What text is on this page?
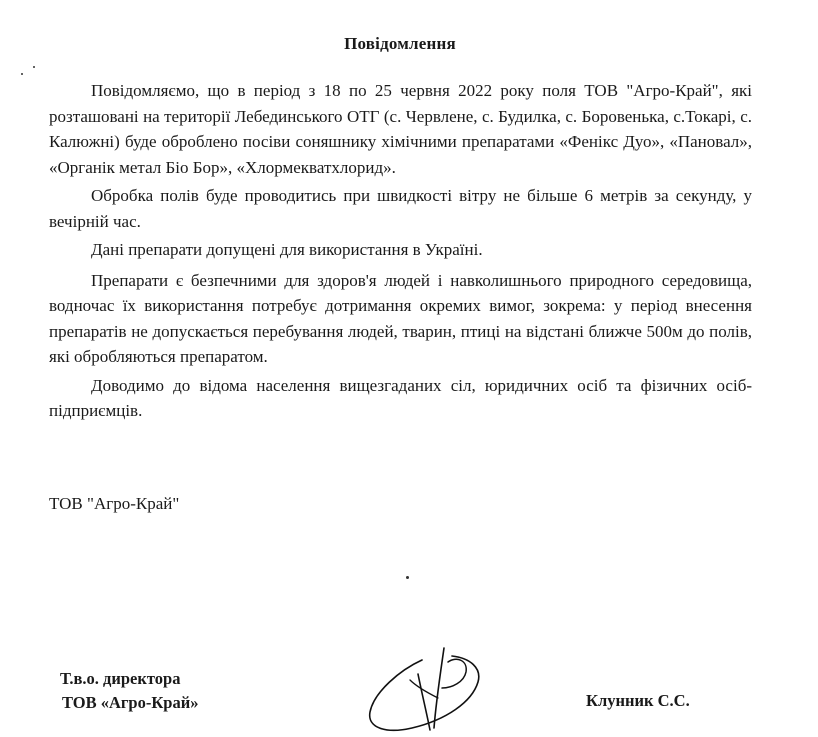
Повідомлення

Повідомляємо, що в період з 18 по 25 червня 2022 року поля ТОВ "Агро-Край", які розташовані на території Лебединського ОТГ (с. Червлене, с. Будилка, с. Боровенька, с.Токарі, с. Калюжні) буде оброблено посіви соняшнику хімічними препаратами «Фенікс Дуо», «Пановал», «Органік метал Біо Бор», «Хлормекватхлорид».

Обробка полів буде проводитись при швидкості вітру не більше 6 метрів за секунду, у вечірній час.

Дані препарати допущені для використання в Україні.

Препарати є безпечними для здоров'я людей і навколишнього природного середовища, водночас їх використання потребує дотримання окремих вимог, зокрема: у період внесення препаратів не допускається перебування людей, тварин, птиці на відстані ближче 500м до полів, які обробляються препаратом.

Доводимо до відома населення вищезгаданих сіл, юридичних осіб та фізичних осіб-підприємців.

ТОВ "Агро-Край"
Т.в.о. директора
ТОВ «Агро-Край»	Клунник С.С.
